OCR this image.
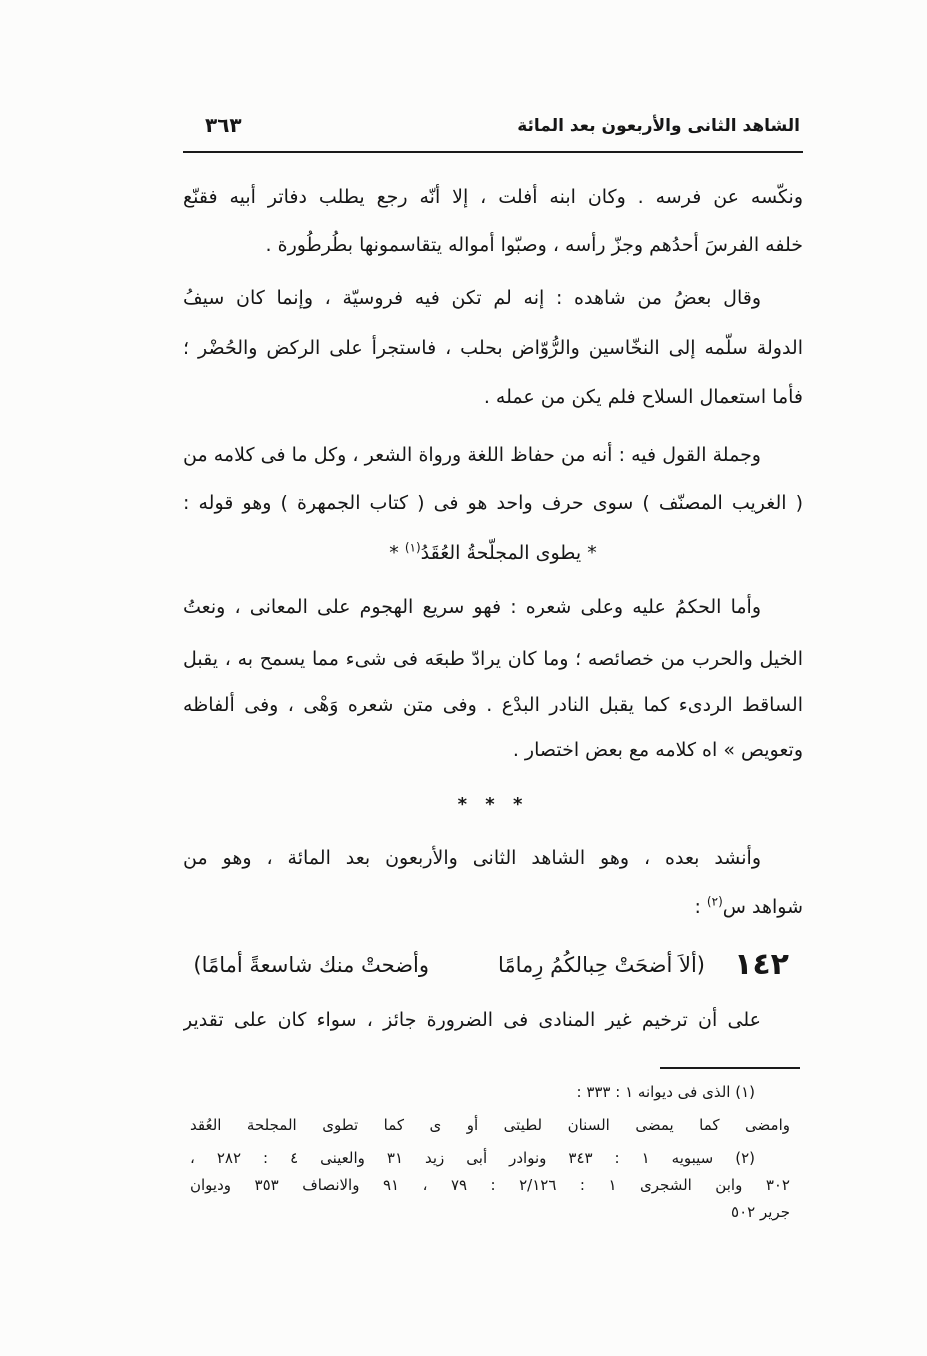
الشاهد الثانى والأربعون بعد المائة
٣٦٣
ونكّسه عن فرسه . وكان ابنه أفلت ، إلا أنّه رجع يطلب دفاتر أبيه فقنّع
خلفه الفرسَ أحدُهم وجزّ رأسه ، وصبّوا أمواله يتقاسمونها بطُرطُورة .
وقال بعضُ من شاهده : إنه لم تكن فيه فروسيّة ، وإنما كان سيفُ
الدولة سلّمه إلى النخّاسين والرُّوّاض بحلب ، فاستجرأ على الركض والحُضْر ؛
فأما استعمال السلاح فلم يكن من عمله .
وجملة القول فيه : أنه من حفاظ اللغة ورواة الشعر ، وكل ما فى كلامه من
( الغريب المصنّف ) سوى حرف واحد هو فى ( كتاب الجمهرة ) وهو قوله :
* يطوى المجلّحةُ العُقَدُ$^{(١)}$ *
وأما الحكمُ عليه وعلى شعره : فهو سريع الهجوم على المعانى ، ونعتُ
الخيل والحرب من خصائصه ؛ وما كان يرادّ طبعَه فى شىء مما يسمح به ، يقبل
الساقط الردىء كما يقبل النادر البدْع . وفى متن شعره وَهْى ، وفى ألفاظه
وتعويص » اه كلامه مع بعض اختصار .
* * *
وأنشد بعده ، وهو الشاهد الثانى والأربعون بعد المائة ، وهو من
شواهد س$^{(٢)}$ :
١٤٢
(ألاَ أضحَتْ حِبالكُمُ رِمامًا
وأضحتْ منك شاسعةً أمامًا)
على أن ترخيم غير المنادى فى الضرورة جائز ، سواء كان على تقدير
(١) الذى فى ديوانه ١ : ٣٣٣ :
وامضى كما يمضى السنان لطيتى أو ى كما تطوى المجلحة العُقد
(٢) سيبويه ١ : ٣٤٣ ونوادر أبى زيد ٣١ والعينى ٤ : ٢٨٢ ،
٣٠٢ وابن الشجرى ١ : ٢/١٢٦ : ٧٩ ، ٩١ والانصاف ٣٥٣ وديوان
جرير ٥٠٢
